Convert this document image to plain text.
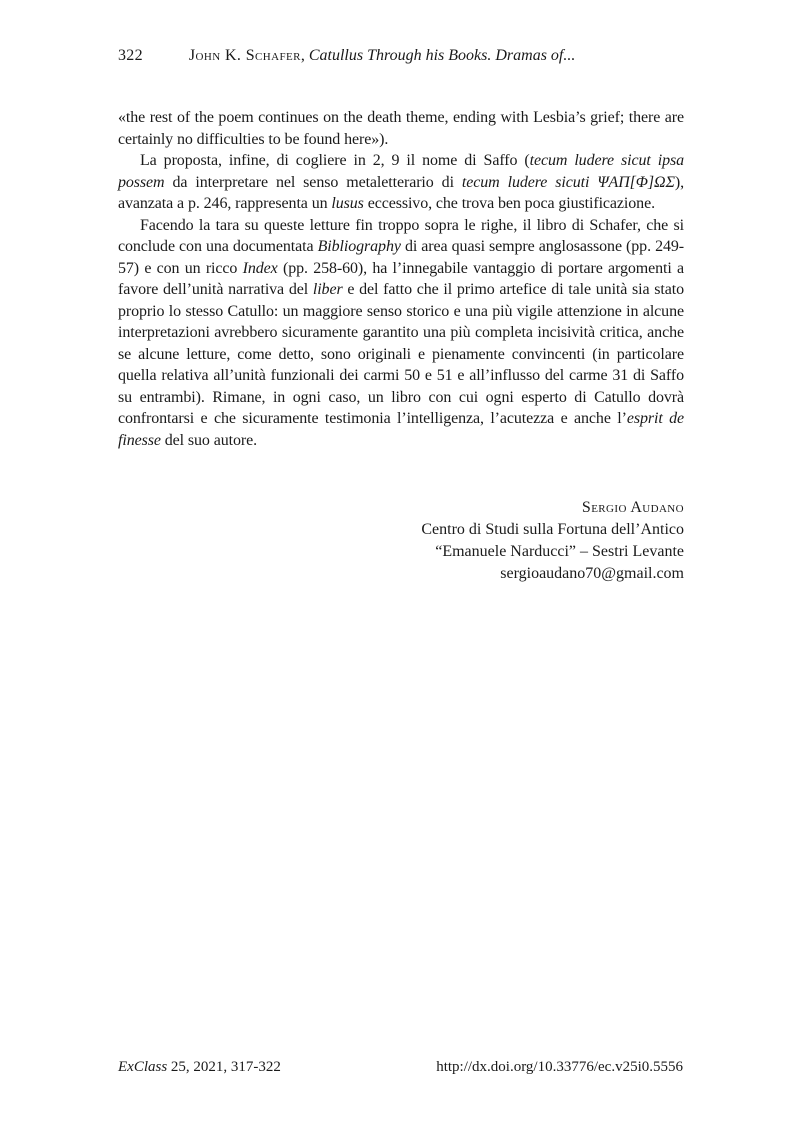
322	John K. Schafer, Catullus Through his Books. Dramas of...

«the rest of the poem continues on the death theme, ending with Lesbia’s grief; there are certainly no difficulties to be found here»).

La proposta, infine, di cogliere in 2, 9 il nome di Saffo (tecum ludere sicut ipsa possem da interpretare nel senso metaletterario di tecum ludere sicuti ΨΑΠ[Φ]ΩΣ), avanzata a p. 246, rappresenta un lusus eccessivo, che trova ben poca giustificazione.

Facendo la tara su queste letture fin troppo sopra le righe, il libro di Schafer, che si conclude con una documentata Bibliography di area quasi sempre anglosassone (pp. 249-57) e con un ricco Index (pp. 258-60), ha l’innegabile vantaggio di portare argomenti a favore dell’unità narrativa del liber e del fatto che il primo artefice di tale unità sia stato proprio lo stesso Catullo: un maggiore senso storico e una più vigile attenzione in alcune interpretazioni avrebbero sicuramente garantito una più completa incisività critica, anche se alcune letture, come detto, sono originali e pienamente convincenti (in particolare quella relativa all’unità funzionali dei carmi 50 e 51 e all’influsso del carme 31 di Saffo su entrambi). Rimane, in ogni caso, un libro con cui ogni esperto di Catullo dovrà confrontarsi e che sicuramente testimonia l’intelligenza, l’acutezza e anche l’esprit de finesse del suo autore.

Sergio Audano
Centro di Studi sulla Fortuna dell’Antico
“Emanuele Narducci” – Sestri Levante
sergioaudano70@gmail.com
ExClass 25, 2021, 317-322	http://dx.doi.org/10.33776/ec.v25i0.5556
